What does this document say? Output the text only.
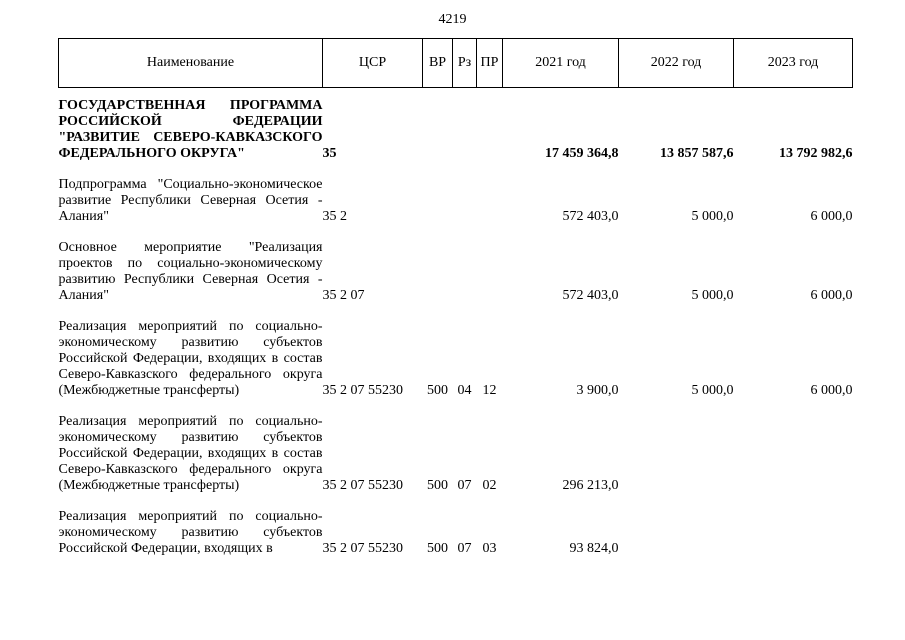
4219
Наименование	ЦСР	ВР	Рз	ПР	2021 год	2022 год	2023 год

ГОСУДАРСТВЕННАЯ ПРОГРАММА РОССИЙСКОЙ ФЕДЕРАЦИИ "РАЗВИТИЕ СЕВЕРО-КАВКАЗСКОГО ФЕДЕРАЛЬНОГО ОКРУГА"	35				17 459 364,8	13 857 587,6	13 792 982,6

Подпрограмма "Социально-экономическое развитие Республики Северная Осетия - Алания"	35 2				572 403,0	5 000,0	6 000,0

Основное мероприятие "Реализация проектов по социально-экономическому развитию Республики Северная Осетия - Алания"	35 2 07				572 403,0	5 000,0	6 000,0

Реализация мероприятий по социально-экономическому развитию субъектов Российской Федерации, входящих в состав Северо-Кавказского федерального округа (Межбюджетные трансферты)	35 2 07 55230	500	04	12	3 900,0	5 000,0	6 000,0

Реализация мероприятий по социально-экономическому развитию субъектов Российской Федерации, входящих в состав Северо-Кавказского федерального округа (Межбюджетные трансферты)	35 2 07 55230	500	07	02	296 213,0		

Реализация мероприятий по социально-экономическому развитию субъектов Российской Федерации, входящих в	35 2 07 55230	500	07	03	93 824,0		
